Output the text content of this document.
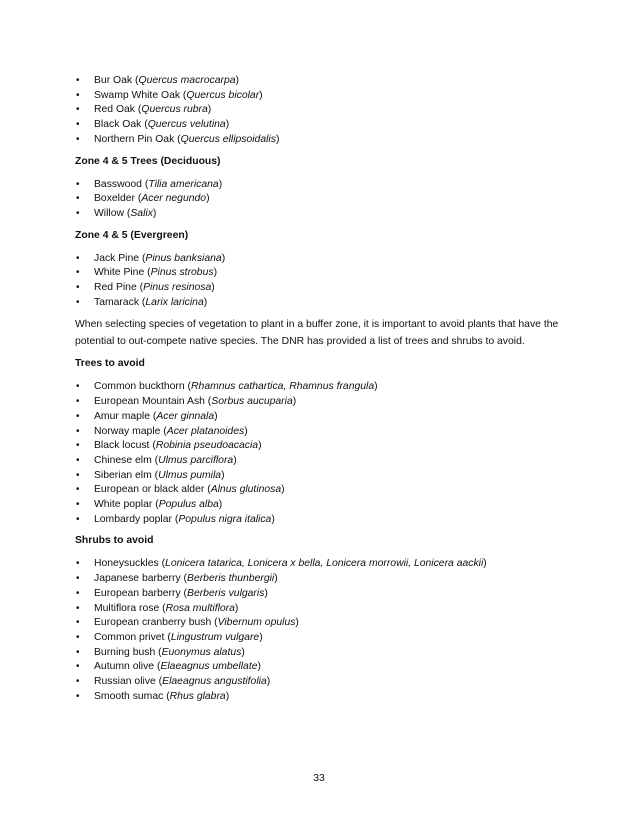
• Bur Oak (Quercus macrocarpa)
• Swamp White Oak (Quercus bicolar)
• Red Oak (Quercus rubra)
• Black Oak (Quercus velutina)
• Northern Pin Oak (Quercus ellipsoidalis)
Zone 4 & 5 Trees (Deciduous)
• Basswood (Tilia americana)
• Boxelder (Acer negundo)
• Willow (Salix)
Zone 4 & 5 (Evergreen)
• Jack Pine (Pinus banksiana)
• White Pine (Pinus strobus)
• Red Pine (Pinus resinosa)
• Tamarack (Larix laricina)
When selecting species of vegetation to plant in a buffer zone, it is important to avoid plants that have the potential to out-compete native species. The DNR has provided a list of trees and shrubs to avoid.
Trees to avoid
• Common buckthorn (Rhamnus cathartica, Rhamnus frangula)
• European Mountain Ash (Sorbus aucuparia)
• Amur maple (Acer ginnala)
• Norway maple (Acer platanoides)
• Black locust (Robinia pseudoacacia)
• Chinese elm (Ulmus parciflora)
• Siberian elm (Ulmus pumila)
• European or black alder (Alnus glutinosa)
• White poplar (Populus alba)
• Lombardy poplar (Populus nigra italica)
Shrubs to avoid
• Honeysuckles (Lonicera tatarica, Lonicera x bella, Lonicera morrowii, Lonicera aackii)
• Japanese barberry (Berberis thunbergii)
• European barberry (Berberis vulgaris)
• Multiflora rose (Rosa multiflora)
• European cranberry bush (Vibernum opulus)
• Common privet (Lingustrum vulgare)
• Burning bush (Euonymus alatus)
• Autumn olive (Elaeagnus umbellate)
• Russian olive (Elaeagnus angustifolia)
• Smooth sumac (Rhus glabra)
33
